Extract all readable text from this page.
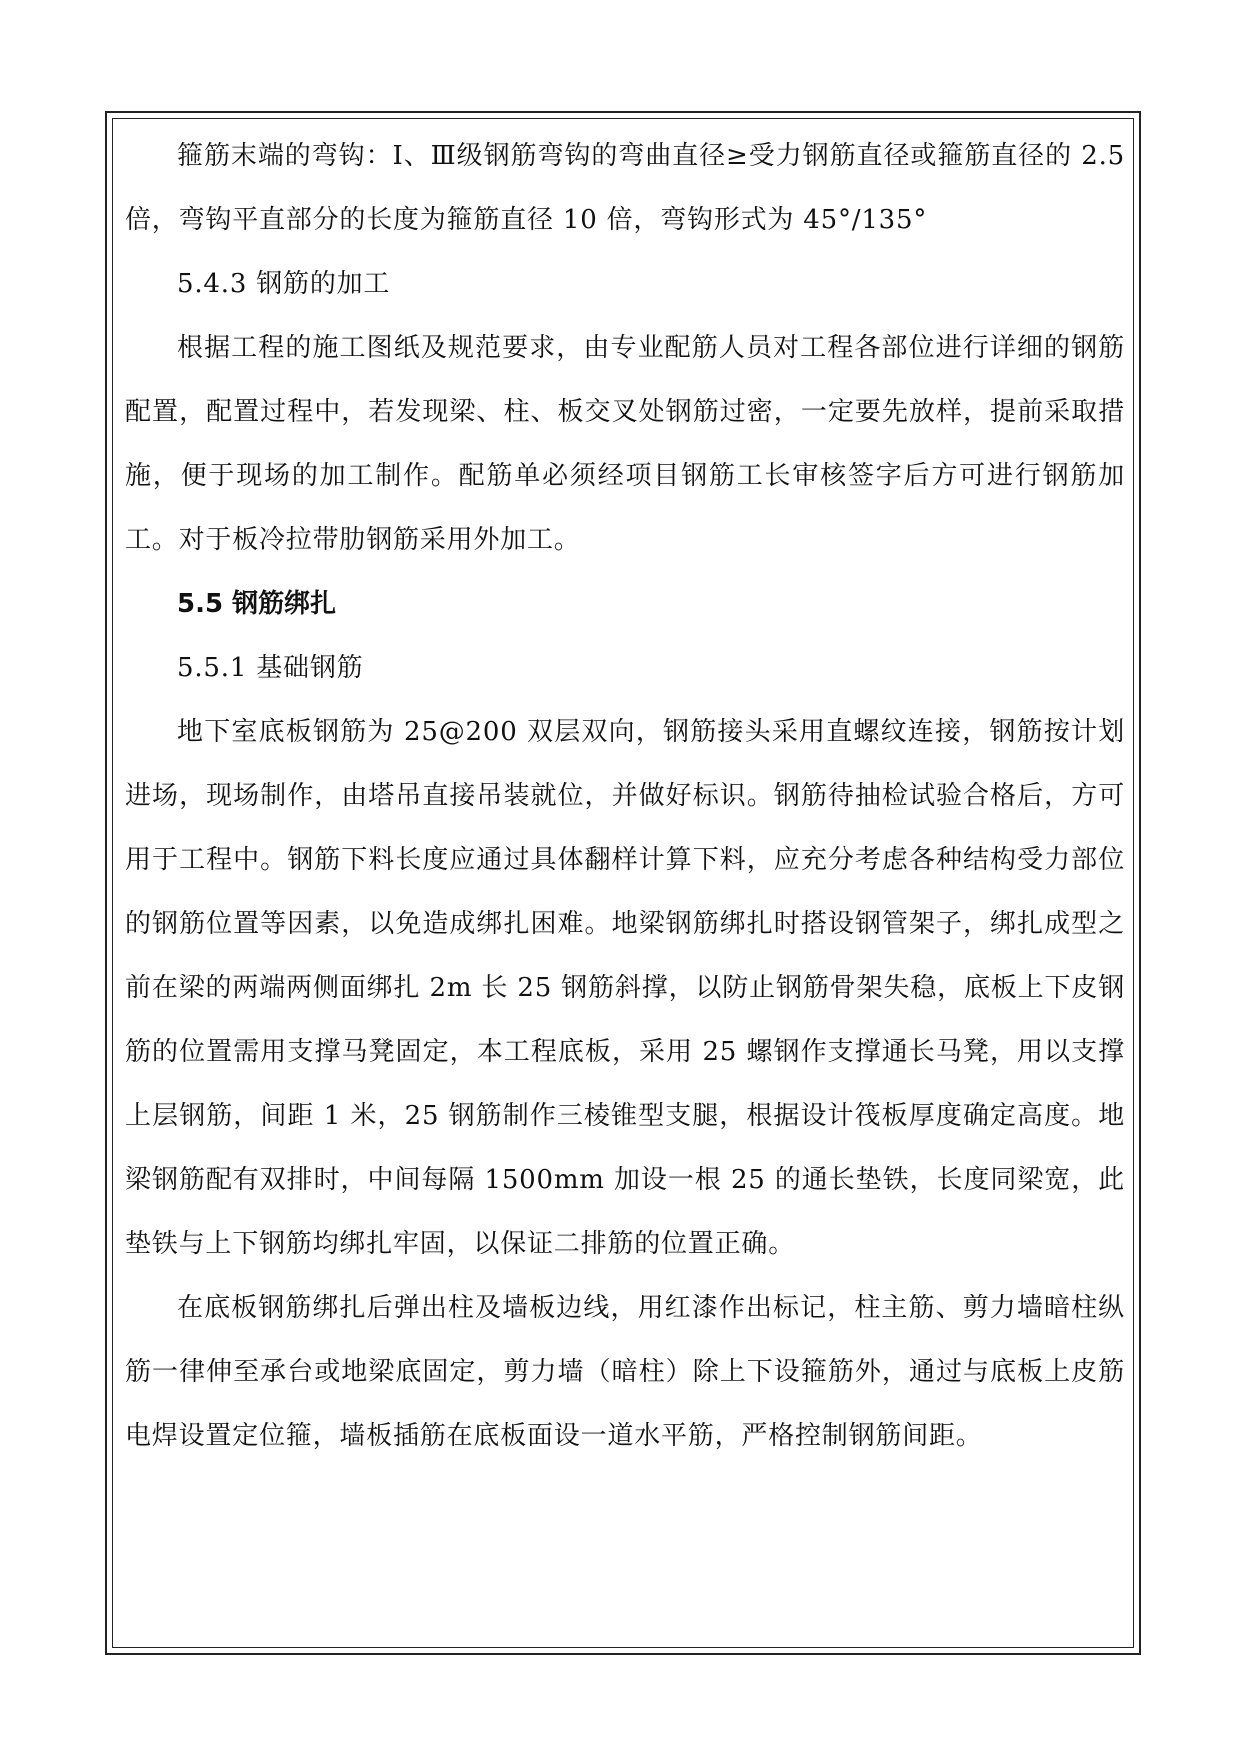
箍筋末端的弯钩：Ⅰ、Ⅲ级钢筋弯钩的弯曲直径≥受力钢筋直径或箍筋直径的 2.5 倍，弯钩平直部分的长度为箍筋直径 10 倍，弯钩形式为 45°/135°

5.4.3 钢筋的加工

根据工程的施工图纸及规范要求，由专业配筋人员对工程各部位进行详细的钢筋配置，配置过程中，若发现梁、柱、板交叉处钢筋过密，一定要先放样，提前采取措施，便于现场的加工制作。配筋单必须经项目钢筋工长审核签字后方可进行钢筋加工。对于板冷拉带肋钢筋采用外加工。

5.5 钢筋绑扎

5.5.1 基础钢筋

地下室底板钢筋为 25@200 双层双向，钢筋接头采用直螺纹连接，钢筋按计划进场，现场制作，由塔吊直接吊装就位，并做好标识。钢筋待抽检试验合格后，方可用于工程中。钢筋下料长度应通过具体翻样计算下料，应充分考虑各种结构受力部位的钢筋位置等因素，以免造成绑扎困难。地梁钢筋绑扎时搭设钢管架子，绑扎成型之前在梁的两端两侧面绑扎 2m 长 25 钢筋斜撑，以防止钢筋骨架失稳，底板上下皮钢筋的位置需用支撑马凳固定，本工程底板，采用 25 螺钢作支撑通长马凳，用以支撑上层钢筋，间距 1 米，25 钢筋制作三棱锥型支腿，根据设计筏板厚度确定高度。地梁钢筋配有双排时，中间每隔 1500mm 加设一根 25 的通长垫铁，长度同梁宽，此垫铁与上下钢筋均绑扎牢固，以保证二排筋的位置正确。

在底板钢筋绑扎后弹出柱及墙板边线，用红漆作出标记，柱主筋、剪力墙暗柱纵筋一律伸至承台或地梁底固定，剪力墙（暗柱）除上下设箍筋外，通过与底板上皮筋电焊设置定位箍，墙板插筋在底板面设一道水平筋，严格控制钢筋间距。
